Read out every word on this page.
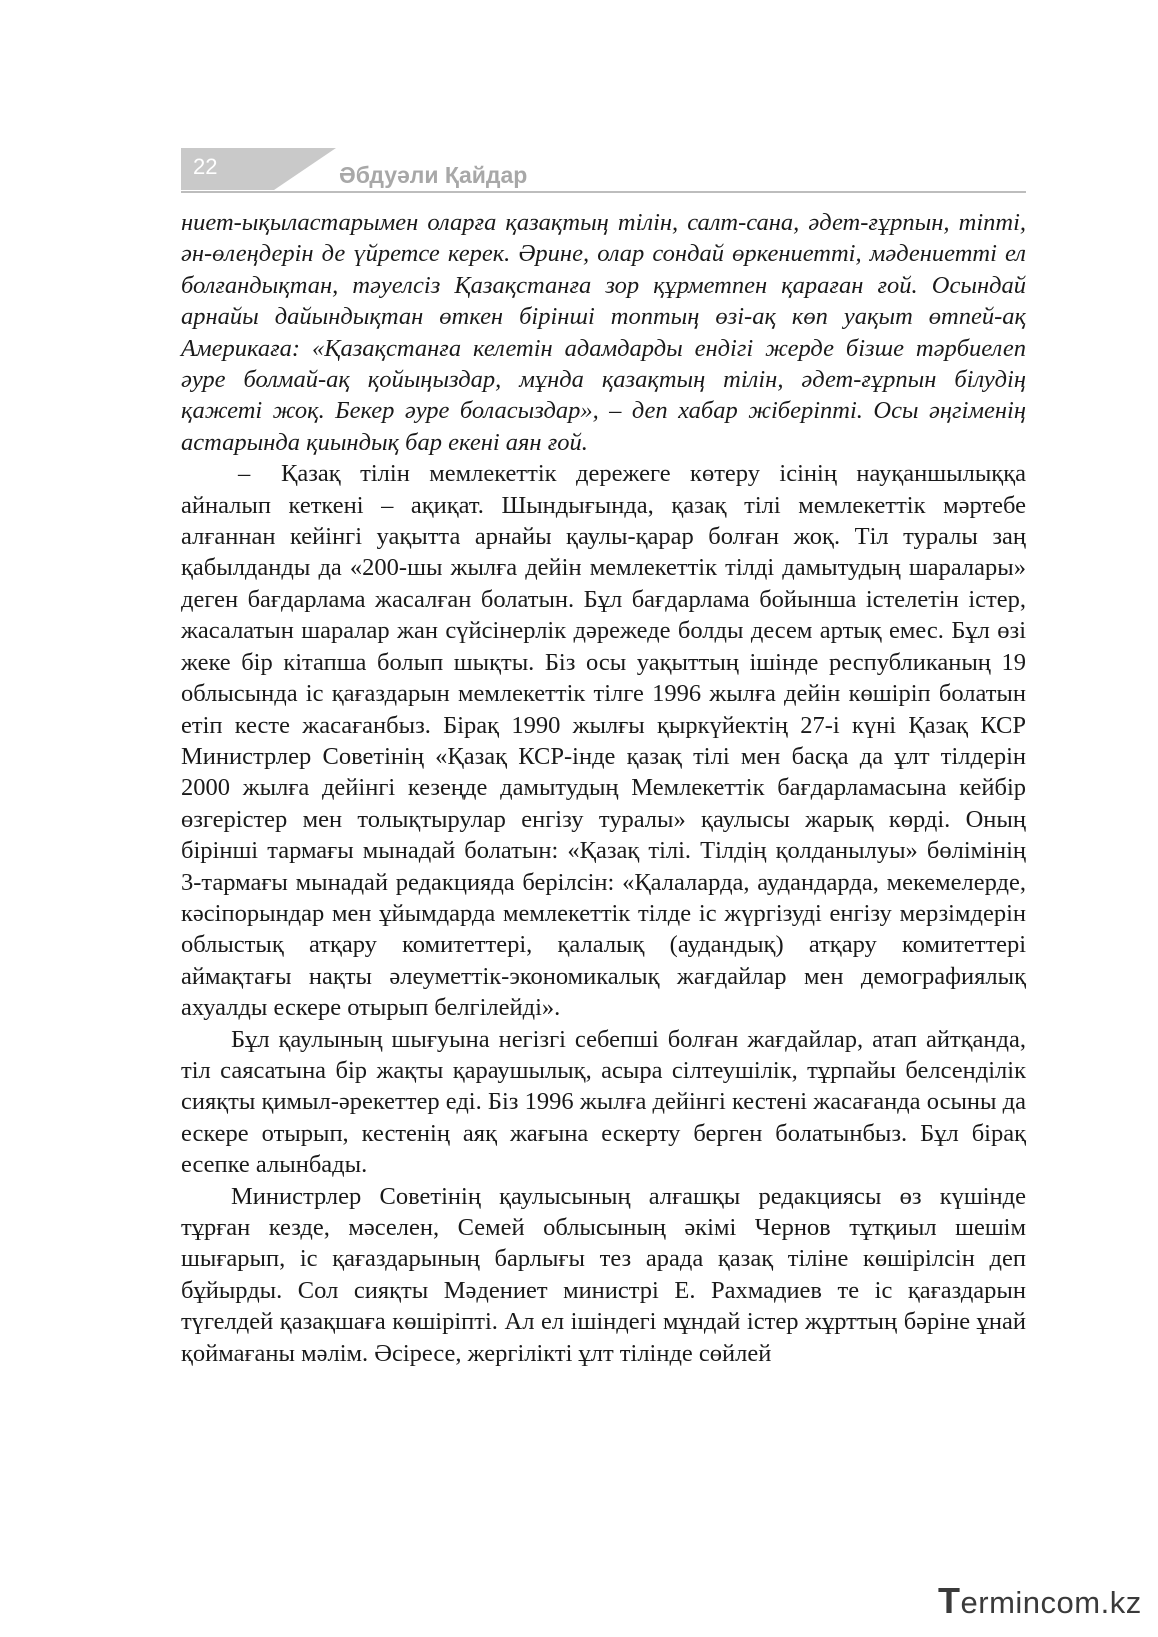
22	Әбдуәли Қайдар

ниет-ықыластарымен оларға қазақтың тілін, салт-сана, әдет-ғұрпын, тіпті, ән-өлеңдерін де үйретсе керек. Әрине, олар сондай өркениетті, мәдениетті ел болғандықтан, тәуелсіз Қазақстанға зор құрметпен қараған ғой. Осындай арнайы дайындықтан өткен бірінші топтың өзі-ақ көп уақыт өтпей-ақ Америкаға: «Қазақстанға келетін адамдарды ендігі жерде бізше тәрбиелеп әуре болмай-ақ қойыңыздар, мұнда қазақтың тілін, әдет-ғұрпын білудің қажеті жоқ. Бекер әуре боласыздар», – деп хабар жіберіпті. Осы әңгіменің астарында қиындық бар екені аян ғой.

– Қазақ тілін мемлекеттік дережеге көтеру ісінің науқаншылыққа айналып кеткені – ақиқат. Шындығында, қазақ тілі мемлекеттік мәртебе алғаннан кейінгі уақытта арнайы қаулы-қарар болған жоқ. Тіл туралы заң қабылданды да «200-шы жылға дейін мемлекеттік тілді дамытудың шаралары» деген бағдарлама жасалған болатын. Бұл бағдарлама бойынша істелетін істер, жасалатын шаралар жан сүйсінерлік дәрежеде болды десем артық емес. Бұл өзі жеке бір кітапша болып шықты. Біз осы уақыттың ішінде республиканың 19 облысында іс қағаздарын мемлекеттік тілге 1996 жылға дейін көшіріп болатын етіп кесте жасағанбыз. Бірақ 1990 жылғы қыркүйектің 27-і күні Қазақ КСР Министрлер Советінің «Қазақ КСР-інде қазақ тілі мен басқа да ұлт тілдерін 2000 жылға дейінгі кезеңде дамытудың Мемлекеттік бағдарламасына кейбір өзгерістер мен толықтырулар енгізу туралы» қаулысы жарық көрді. Оның бірінші тармағы мынадай болатын: «Қазақ тілі. Тілдің қолданылуы» бөлімінің 3-тармағы мынадай редакцияда берілсін: «Қалаларда, аудандарда, мекемелерде, кәсіпорындар мен ұйымдарда мемлекеттік тілде іс жүргізуді енгізу мерзімдерін облыстық атқару комитеттері, қалалық (аудандық) атқару комитеттері аймақтағы нақты әлеуметтік-экономикалық жағдайлар мен демографиялық ахуалды ескере отырып белгілейді».

Бұл қаулының шығуына негізгі себепші болған жағдайлар, атап айтқанда, тіл саясатына бір жақты қараушылық, асыра сілтеушілік, тұрпайы белсенділік сияқты қимыл-әрекеттер еді. Біз 1996 жылға дейінгі кестені жасағанда осыны да ескере отырып, кестенің аяқ жағына ескерту берген болатынбыз. Бұл бірақ есепке алынбады.

Министрлер Советінің қаулысының алғашқы редакциясы өз күшінде тұрған кезде, мәселен, Семей облысының әкімі Чернов тұтқиыл шешім шығарып, іс қағаздарының барлығы тез арада қазақ тіліне көшірілсін деп бұйырды. Сол сияқты Мәдениет министрі Е. Рахмадиев те іс қағаздарын түгелдей қазақшаға көшіріпті. Ал ел ішіндегі мұндай істер жұрттың бәріне ұнай қоймағаны мәлім. Әсіресе, жергілікті ұлт тілінде сөйлей

Termincоm.kz
